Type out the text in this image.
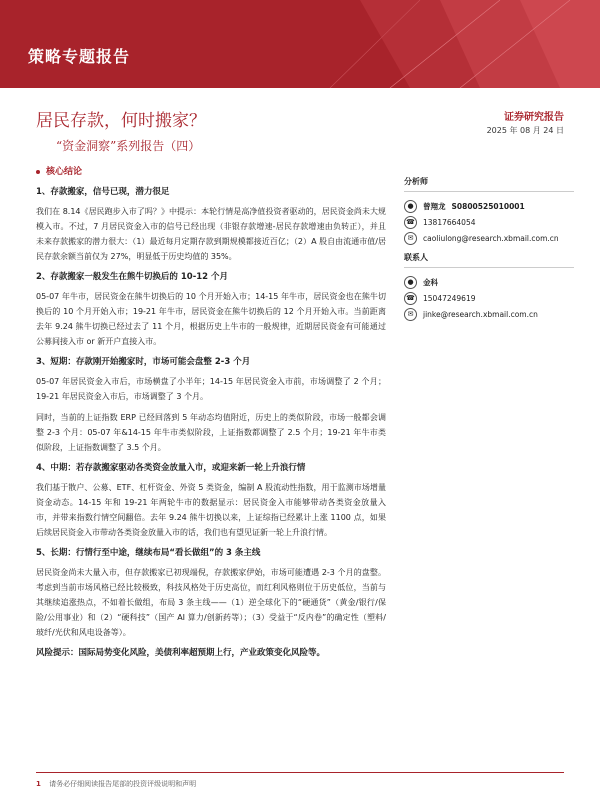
策略专题报告
居民存款，何时搬家？
“资金洞察”系列报告（四）
证券研究报告
2025 年 08 月 24 日
核心结论
1、存款搬家，信号已现，潜力很足

我们在 8.14《居民跑步入市了吗？》中提示：本轮行情是高净值投资者驱动的，居民资金尚未大规模入市。不过，7 月居民资金入市的信号已经出现（非银存款增速-居民存款增速由负转正），并且未来存款搬家的潜力很大：（1）最近每月定期存款到期规模都接近百亿；（2）A 股自由流通市值/居民存款余额当前仅为 27%，明显低于历史均值的 35%。

2、存款搬家一般发生在熊牛切换后的 10-12 个月

05-07 年牛市，居民资金在熊牛切换后的 10 个月开始入市；14-15 年牛市，居民资金也在熊牛切换后的 10 个月开始入市；19-21 年牛市，居民资金在熊牛切换后的 12 个月开始入市。当前距离去年 9.24 熊牛切换已经过去了 11 个月，根据历史上牛市的一般规律，近期居民资金有可能通过公募间接入市 or 新开户直接入市。

3、短期：存款刚开始搬家时，市场可能会盘整 2-3 个月

05-07 年居民资金入市后，市场横盘了小半年；14-15 年居民资金入市前，市场调整了 2 个月；19-21 年居民资金入市后，市场调整了 3 个月。

同时，当前的上证指数 ERP 已经回落到 5 年动态均值附近，历史上的类似阶段，市场一般都会调整 2-3 个月：05-07 年&14-15 年牛市类似阶段，上证指数都调整了 2.5 个月；19-21 年牛市类似阶段，上证指数调整了 3.5 个月。

4、中期：若存款搬家驱动各类资金放量入市，或迎来新一轮上升浪行情

我们基于散户、公募、ETF、杠杆资金、外资 5 类资金，编制 A 股流动性指数，用于监测市场增量资金动态。14-15 年和 19-21 年两轮牛市的数据显示：居民资金入市能够带动各类资金放量入市，并带来指数行情空间翻倍。去年 9.24 熊牛切换以来，上证综指已经累计上涨 1100 点，如果后续居民资金入市带动各类资金放量入市的话，我们也有望见证新一轮上升浪行情。

5、长期：行情行至中途，继续布局“看长做组”的 3 条主线

居民资金尚未大量入市，但存款搬家已初现端倪，存款搬家伊始，市场可能遭遇 2-3 个月的盘整。考虑到当前市场风格已经比较极致，科技风格处于历史高位，而红利风格则位于历史低位，当前与其继续追涨热点，不如着长做组，布局 3 条主线——（1）逆全球化下的“硬通货”（黄金/银行/保险/公用事业）和（2）“硬科技”（国产 AI 算力/创新药等）；（3）受益于“反内卷”的确定性（塑料/玻纤/光伏和风电设备等）。

风险提示：国际局势变化风险，美债利率超预期上行，产业政策变化风险等。
分析师
●	曾翔龙 S0800525010001
☎ 13817664054
✉	caoliulong@research.xbmail.com.cn
联系人
●	金科
☎ 15047249619
✉	jinke@research.xbmail.com.cn
1 请务必仔细阅读报告尾部的投资评级说明和声明
